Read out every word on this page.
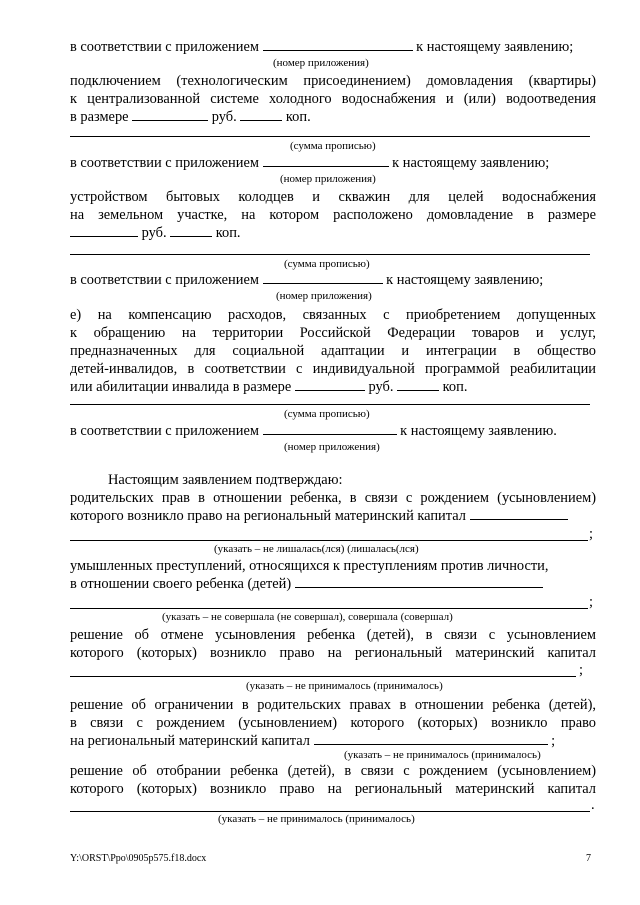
в соответствии с приложением	к настоящему заявлению;
(номер приложения)
подключением (технологическим присоединением) домовладения (квартиры)
к централизованной системе холодного водоснабжения и (или) водоотведения
в размере	руб.	коп.
(сумма прописью)
в соответствии с приложением	к настоящему заявлению;
(номер приложения)
устройством бытовых колодцев и скважин для целей водоснабжения
на земельном участке, на котором расположено домовладение в размере
руб.	коп.
(сумма прописью)
в соответствии с приложением	к настоящему заявлению;
(номер приложения)
е) на компенсацию расходов, связанных с приобретением допущенных
к обращению на территории Российской Федерации товаров и услуг,
предназначенных для социальной адаптации и интеграции в общество
детей-инвалидов, в соответствии с индивидуальной программой реабилитации
или абилитации инвалида в размере	руб.	коп.
(сумма прописью)
в соответствии с приложением	к настоящему заявлению.
(номер приложения)
Настоящим заявлением подтверждаю:
родительских прав в отношении ребенка, в связи с рождением (усыновлением)
которого возникло право на региональный материнский капитал
;
(указать – не лишалась(лся) (лишалась(лся)
умышленных преступлений, относящихся к преступлениям против личности,
в отношении своего ребенка (детей)
;
(указать – не совершала (не совершал), совершала (совершал)
решение об отмене усыновления ребенка (детей), в связи с усыновлением
которого (которых) возникло право на региональный материнский капитал
;
(указать – не принималось (принималось)
решение об ограничении в родительских правах в отношении ребенка (детей),
в связи с рождением (усыновлением) которого (которых) возникло право
на региональный материнский капитал	;
(указать – не принималось (принималось)
решение об отобрании ребенка (детей), в связи с рождением (усыновлением)
которого (которых) возникло право на региональный материнский капитал
.
(указать – не принималось (принималось)
Y:\ORST\Ppo\0905p575.f18.docx	7
